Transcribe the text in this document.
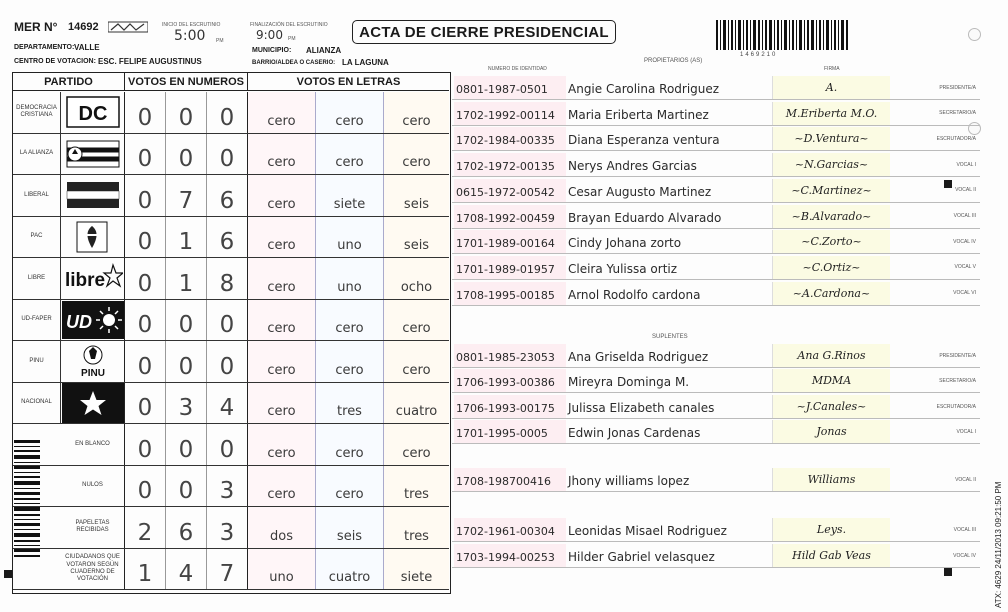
MER N° 14692	INICIO DEL ESCRUTINIO
5:00 PM
FINALIZACIÓN DEL ESCRUTINIO
9:00 PM	ACTA DE CIERRE PRESIDENCIAL
1469210
DEPARTAMENTO: VALLE	MUNICIPIO: ALIANZA
CENTRO DE VOTACION: ESC. FELIPE AUGUSTINUS	BARRIO/ALDEA O CASERIO: LA LAGUNA
PARTIDO	VOTOS EN NUMEROS	VOTOS EN LETRAS
DEMOCRACIA CRISTIANA	DC	0	0	0	cero	cero	cero
LA ALIANZA	0	0	0	cero	cero	cero
LIBERAL	0	7	6	cero	siete	seis
PAC	0	1	6	cero	uno	seis
LIBRE	libre	0	1	8	cero	uno	ocho
UD-FAPER UD	0	0	0	cero	cero	cero
PINU
PINU	0	0	0	cero	cero	cero
NACIONAL	0	3	4	cero	tres	cuatro
EN BLANCO	0	0	0	cero	cero	cero
NULOS	0	0	3	cero	cero	tres
PAPELETAS RECIBIDAS	2	6	3	dos	seis	tres
CIUDADANOS QUE VOTARON SEGÚN CUADERNO DE VOTACIÓN	1	4	7	uno	cuatro	siete
NUMERO DE IDENTIDAD
PROPIETARIOS (AS)
FIRMA
SUPLENTES
0801-1987-0501	Angie Carolina Rodriguez	A.	PRESIDENTE/A
1702-1992-00114	Maria Eriberta Martinez	M.Eriberta M.O.	SECRETARIO/A
1702-1984-00335	Diana Esperanza ventura	~D.Ventura~	ESCRUTADOR/A
1702-1972-00135	Nerys Andres Garcias	~N.Garcias~	VOCAL I
0615-1972-00542	Cesar Augusto Martinez	~C.Martinez~	VOCAL II
1708-1992-00459	Brayan Eduardo Alvarado	~B.Alvarado~	VOCAL III
1701-1989-00164	Cindy Johana zorto	~C.Zorto~	VOCAL IV
1701-1989-01957	Cleira Yulissa ortiz	~C.Ortiz~	VOCAL V
1708-1995-00185	Arnol Rodolfo cardona	~A.Cardona~	VOCAL VI
0801-1985-23053	Ana Griselda Rodriguez	Ana G.Rinos	PRESIDENTE/A
1706-1993-00386	Mireyra Dominga M.	MDMA	SECRETARIO/A
1706-1993-00175	Julissa Elizabeth canales	~J.Canales~	ESCRUTADOR/A
1701-1995-0005	Edwin Jonas Cardenas	Jonas	VOCAL I
1708-198700416	Jhony williams lopez	Williams	VOCAL II
1702-1961-00304	Leonidas Misael Rodriguez	Leys.	VOCAL III
1703-1994-00253	Hilder Gabriel velasquez	Hild Gab Veas	VOCAL IV	ATX: 4629 24/11/2013 09:21:50 PM
